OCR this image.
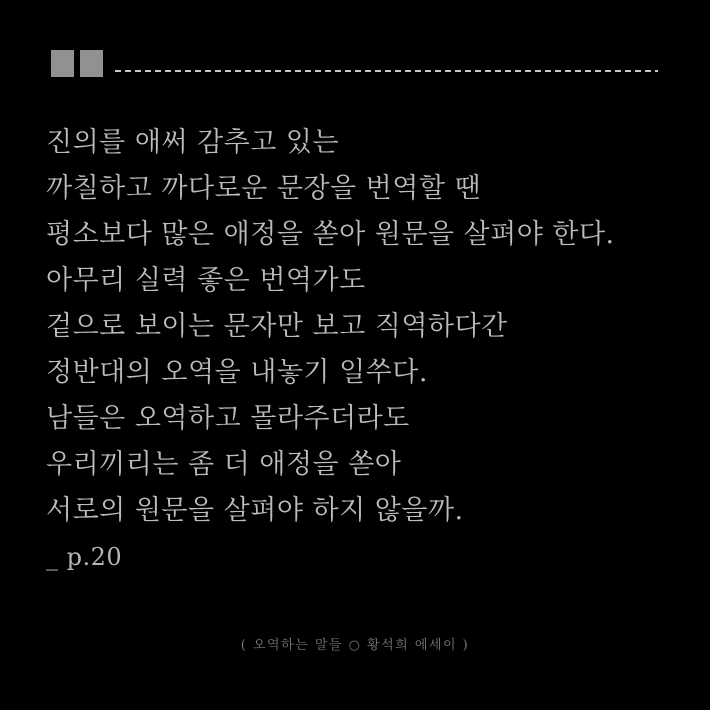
진의를 애써 감추고 있는
까칠하고 까다로운 문장을 번역할 땐
평소보다 많은 애정을 쏟아 원문을 살펴야 한다.
아무리 실력 좋은 번역가도
겉으로 보이는 문자만 보고 직역하다간
정반대의 오역을 내놓기 일쑤다.
남들은 오역하고 몰라주더라도
우리끼리는 좀 더 애정을 쏟아
서로의 원문을 살펴야 하지 않을까.
_ p.20
( 오역하는 말들 ○ 황석희 에세이 )
